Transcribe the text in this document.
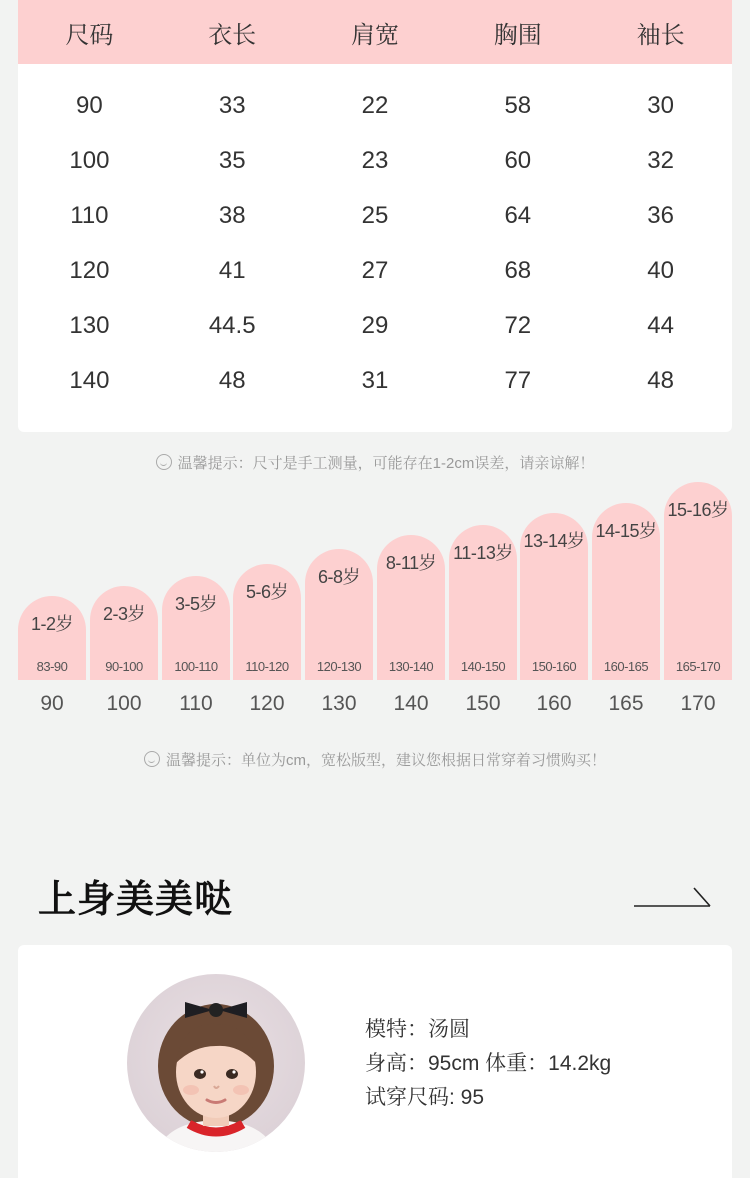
尺码	衣长	肩宽	胸围	袖长
90	33	22	58	30
100	35	23	60	32
110	38	25	64	36
120	41	27	68	40
130	44.5	29	72	44
140	48	31	77	48
温馨提示：尺寸是手工测量，可能存在1-2cm误差，请亲谅解！
1-2岁
83-90
2-3岁
90-100
3-5岁
100-110
5-6岁
110-120
6-8岁
120-130
8-11岁
130-140
11-13岁
140-150
13-14岁
150-160
14-15岁
160-165
15-16岁
165-170
90	100	110	120	130	140	150	160	165	170
温馨提示：单位为cm，宽松版型，建议您根据日常穿着习惯购买！
上身美美哒
模特：汤圆
身高：95cm 体重：14.2kg
试穿尺码: 95
